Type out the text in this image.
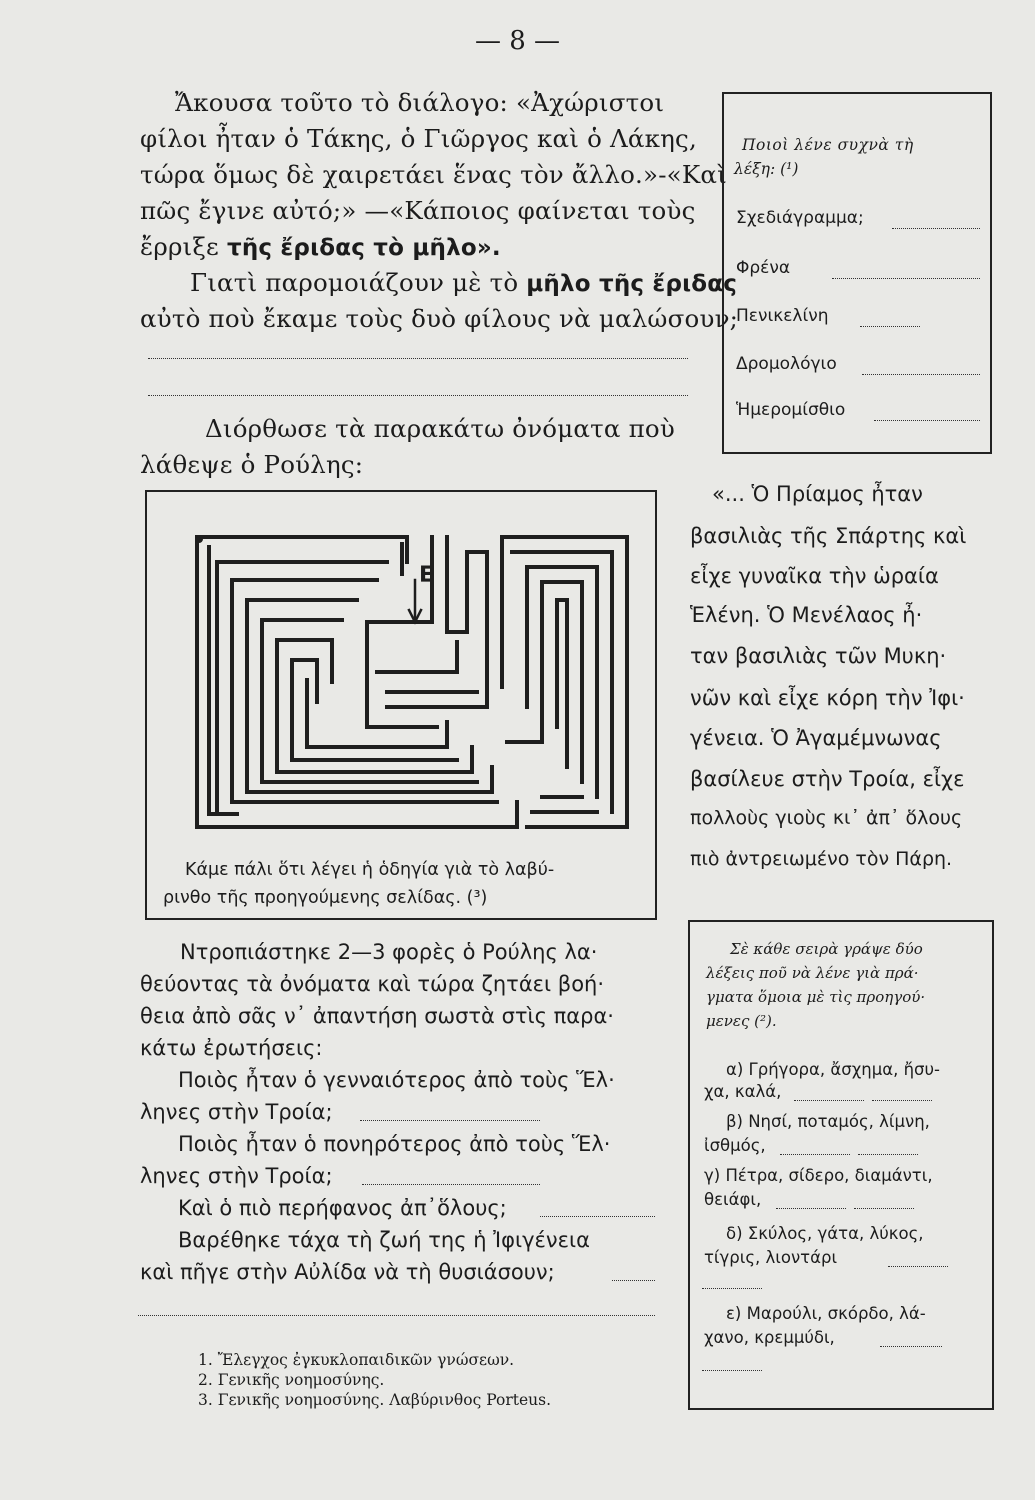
— 8 —
Ἄκουσα τοῦτο τὸ διάλογο: «Ἀχώριστοι
φίλοι ἦταν ὁ Τάκης, ὁ Γιῶργος καὶ ὁ Λάκης,
τώρα ὅμως δὲ χαιρετάει ἕνας τὸν ἄλλο.»-«Καὶ
πῶς ἔγινε αὐτό;» —«Κάποιος φαίνεται τοὺς
ἔρριξε τῆς ἔριδας τὸ μῆλο».
Γιατὶ παρομοιάζουν μὲ τὸ μῆλο τῆς ἔριδας
αὐτὸ ποὺ ἔκαμε τοὺς δυὸ φίλους νὰ μαλώσουν;
Διόρθωσε τὰ παρακάτω ὀνόματα ποὺ
λάθεψε ὁ Ρούλης:
Ε
Κάμε πάλι ὅτι λέγει ἡ ὁδηγία γιὰ τὸ λαβύ-
ρινθο τῆς προηγούμενης σελίδας. (³)
Ντροπιάστηκε 2—3 φορὲς ὁ Ρούλης λα·
θεύοντας τὰ ὀνόματα καὶ τώρα ζητάει βοή·
θεια ἀπὸ σᾶς ν᾽ ἀπαντήση σωστὰ στὶς παρα·
κάτω ἐρωτήσεις:
Ποιὸς ἦταν ὁ γενναιότερος ἀπὸ τοὺς Ἕλ·
ληνες στὴν Τροία;
Ποιὸς ἦταν ὁ πονηρότερος ἀπὸ τοὺς Ἕλ·
ληνες στὴν Τροία;
Καὶ ὁ πιὸ περήφανος ἀπ᾽ὅλους;
Βαρέθηκε τάχα τὴ ζωή της ἡ Ἰφιγένεια
καὶ πῆγε στὴν Αὐλίδα νὰ τὴ θυσιάσουν;
1. Ἔλεγχος ἐγκυκλοπαιδικῶν γνώσεων.
2. Γενικῆς νοημοσύνης.
3. Γενικῆς νοημοσύνης. Λαβύρινθος Porteus.
Ποιοὶ λένε συχνὰ τὴ
λέξη: (¹)
Σχεδιάγραμμα;
Φρένα
Πενικελίνη
Δρομολόγιο
Ἡμερομίσθιο
«... Ὁ Πρίαμος ἦταν
βασιλιὰς τῆς Σπάρτης καὶ
εἶχε γυναῖκα τὴν ὡραία
Ἑλένη. Ὁ Μενέλαος ἦ·
ταν βασιλιὰς τῶν Μυκη·
νῶν καὶ εἶχε κόρη τὴν Ἰφι·
γένεια. Ὁ Ἀγαμέμνωνας
βασίλευε στὴν Τροία, εἶχε
πολλοὺς γιοὺς κι᾽ ἀπ᾽ ὅλους
πιὸ ἀντρειωμένο τὸν Πάρη.
Σὲ κάθε σειρὰ γράψε δύο
λέξεις ποῦ νὰ λένε γιὰ πρά·
γματα ὅμοια μὲ τὶς προηγού·
μενες (²).
α) Γρήγορα, ἄσχημα, ἤσυ-
χα, καλά,
β) Νησί, ποταμός, λίμνη,
ἰσθμός,
γ) Πέτρα, σίδερο, διαμάντι,
θειάφι,
δ) Σκύλος, γάτα, λύκος,
τίγρις, λιοντάρι
ε) Μαρούλι, σκόρδο, λά-
χανο, κρεμμύδι,
